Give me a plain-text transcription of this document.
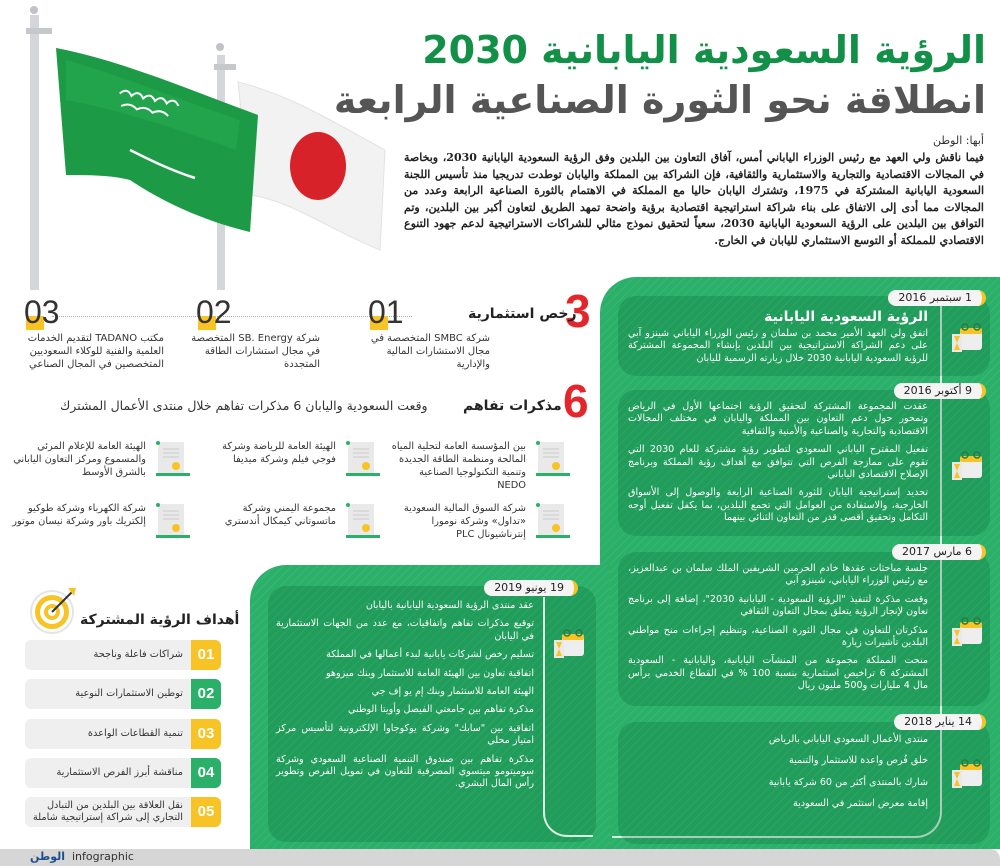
الرؤية السعودية اليابانية 2030
انطلاقة نحو الثورة الصناعية الرابعة
أبها: الوطن
فيما ناقش ولي العهد مع رئيس الوزراء الياباني أمس، آفاق التعاون بين البلدين وفق الرؤية السعودية اليابانية 2030، وبخاصة في المجالات الاقتصادية والتجارية والاستثمارية والثقافية، فإن الشراكة بين المملكة واليابان توطدت تدريجيا منذ تأسيس اللجنة السعودية اليابانية المشتركة في 1975، وتشترك اليابان حاليا مع المملكة في الاهتمام بالثورة الصناعية الرابعة وعدد من المجالات مما أدى إلى الاتفاق على بناء شراكة استراتيجية اقتصادية برؤية واضحة تمهد الطريق لتعاون أكبر بين البلدين، وتم التوافق بين البلدين على الرؤية السعودية اليابانية 2030، سعياً لتحقيق نموذج مثالي للشراكات الاستراتيجية لدعم جهود التنوع الاقتصادي للمملكة أو التوسع الاستثماري لليابان في الخارج.
3
رخص استثمارية
01
شركة SMBC المتخصصة في مجال الاستشارات المالية والإدارية
02
شركة SB. Energy المتخصصة في مجال استشارات الطاقة المتجددة
03
مكتب TADANO لتقديم الخدمات العلمية والفنية للوكلاء السعوديين المتخصصين في المجال الصناعي
6
مذكرات تفاهم
وقعت السعودية واليابان 6 مذكرات تفاهم خلال منتدى الأعمال المشترك
بين المؤسسة العامة لتحلية المياه المالحة ومنظمة الطاقة الجديدة وتنمية التكنولوجيا الصناعية NEDO
الهيئة العامة للرياضة وشركة فوجي فيلم وشركة ميديفا
الهيئة العامة للإعلام المرئي والمسموع ومركز التعاون الياباني بالشرق الأوسط
شركة السوق المالية السعودية «تداول» وشركة نومورا إنترناشيونال PLC
مجموعة اليمني وشركة ماتسوتاني كيمكال أندستري
شركة الكهرباء وشركة طوكيو إلكتريك باور وشركة نيسان موتور
1 سبتمبر 2016
الرؤية السعودية اليابانية

اتفق ولي العهد الأمير محمد بن سلمان و رئيس الوزراء الياباني شينزو آبي على دعم الشراكة الاستراتيجية بين البلدين بإنشاء المجموعة المشتركة للرؤية السعودية اليابانية 2030 خلال زيارته الرسمية لليابان

9 أكتوبر 2016

عقدت المجموعة المشتركة لتحقيق الرؤية اجتماعها الأول في الرياض وتمحور حول دعم التعاون بين المملكة واليابان في مختلف المجالات الاقتصادية والتجارية والصناعية والأمنية والثقافية

تفعيل المقترح الياباني السعودي لتطوير رؤية مشتركة للعام 2030 التي تقوم على ممازجة الفرص التي تتوافق مع أهداف رؤية المملكة وبرنامج الإصلاح الاقتصادي الياباني

تحديد إستراتيجية اليابان للثورة الصناعية الرابعة والوصول إلى الأسواق الخارجية، والاستفادة من العوامل التي تجمع البلدين، بما يكفل تفعيل أوجه التكامل وتحقيق أقصى قدر من التعاون الثنائي بينهما

6 مارس 2017

جلسة مباحثات عقدها خادم الحرمين الشريفين الملك سلمان بن عبدالعزيز، مع رئيس الوزراء الياباني، شينزو آبي

وقعت مذكرة لتنفيذ "الرؤية السعودية - اليابانية 2030"، إضافة إلى برنامج تعاون لإنجاز الرؤية يتعلق بمجال التعاون الثقافي

مذكرتان للتعاون في مجال الثورة الصناعية، وتنظيم إجراءات منح مواطني البلدين تأشيرات زيارة

منحت المملكة مجموعة من المنشآت اليابانية، واليابانية - السعودية المشتركة 6 تراخيص استثمارية بنسبة 100 % في القطاع الخدمي برأس مال 4 مليارات و500 مليون ريال

14 يناير 2018

منتدى الأعمال السعودي الياباني بالرياض

خلق فُرص واعدة للاستثمار والتنمية

شارك بالمنتدى أكثر من 60 شركة يابانية

إقامة معرض استثمر في السعودية

19 يونيو 2019

عقد منتدى الرؤية السعودية اليابانية باليابان

توقيع مذكرات تفاهم واتفاقيات، مع عدد من الجهات الاستثمارية في اليابان

تسليم رخص لشركات يابانية لبدء أعمالها في المملكة

اتفاقية تعاون بين الهيئة العامة للاستثمار وبنك ميزوهو

الهيئة العامة للاستثمار وبنك إم يو إف جي

مذكرة تفاهم بين جامعتي الفيصل وأويتا الوطني

اتفاقية بين "سابك" وشركة يوكوجاوا الإلكترونية لتأسيس مركز امتياز محلي

مذكرة تفاهم بين صندوق التنمية الصناعية السعودي وشركة سوميتومو ميتسوي المصرفية للتعاون في تمويل الفرص وتطوير رأس المال البشري.

أهداف الرؤية المشتركة
01
شراكات فاعلة وناجحة
02
توطين الاستثمارات النوعية
03
تنمية القطاعات الواعدة
04
مناقشة أبرز الفرص الاستثمارية
05
نقل العلاقة بين البلدين من التبادل التجاري إلى شراكة إستراتيجية شاملة
الوطن infographic
